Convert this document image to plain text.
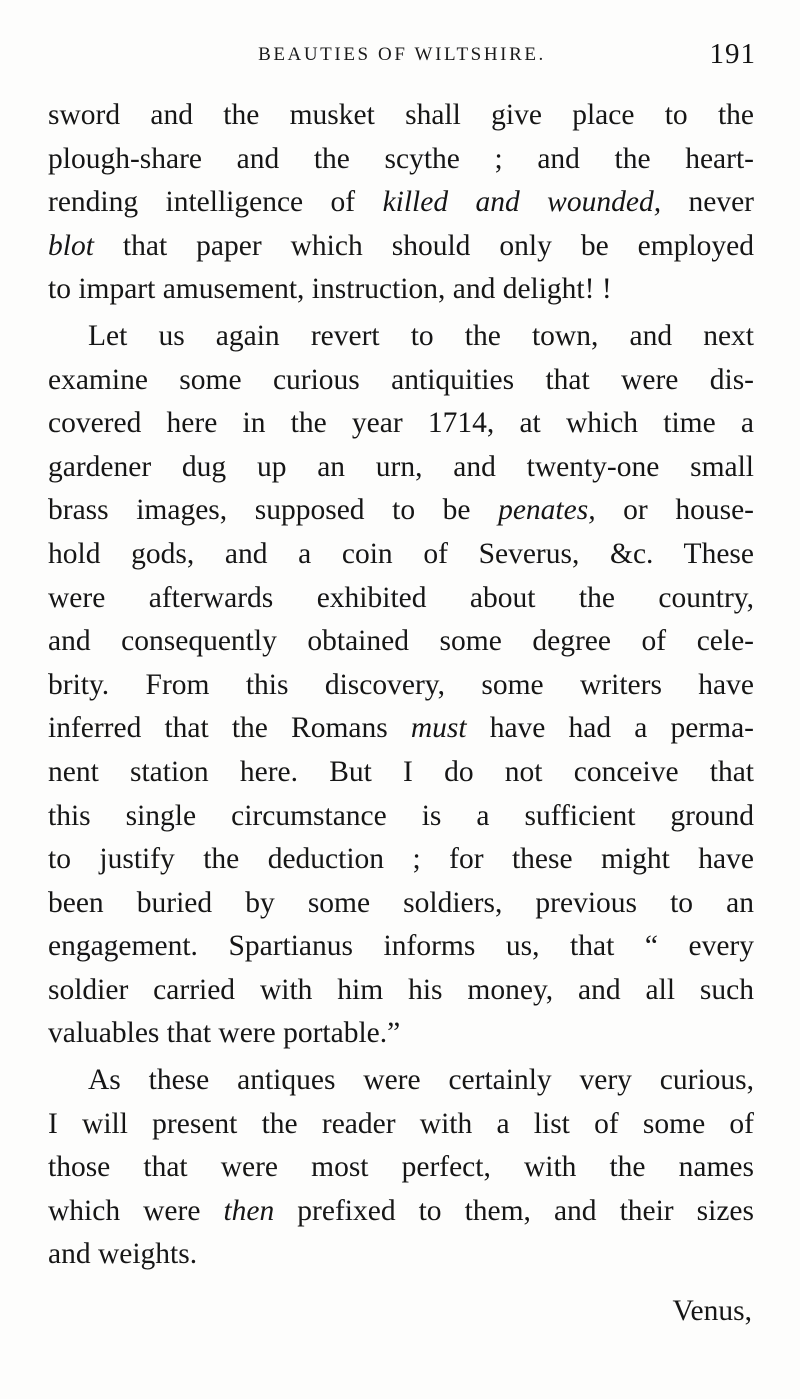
BEAUTIES OF WILTSHIRE.	191
sword and the musket shall give place to the
plough-share and the scythe ; and the heart-
rending intelligence of killed and wounded, never
blot that paper which should only be employed
to impart amusement, instruction, and delight! !
Let us again revert to the town, and next
examine some curious antiquities that were dis-
covered here in the year 1714, at which time a
gardener dug up an urn, and twenty-one small
brass images, supposed to be penates, or house-
hold gods, and a coin of Severus, &c. These
were afterwards exhibited about the country,
and consequently obtained some degree of cele-
brity. From this discovery, some writers have
inferred that the Romans must have had a perma-
nent station here. But I do not conceive that
this single circumstance is a sufficient ground
to justify the deduction ; for these might have
been buried by some soldiers, previous to an
engagement. Spartianus informs us, that “ every
soldier carried with him his money, and all such
valuables that were portable.”
As these antiques were certainly very curious,
I will present the reader with a list of some of
those that were most perfect, with the names
which were then prefixed to them, and their sizes
and weights.
Venus,
